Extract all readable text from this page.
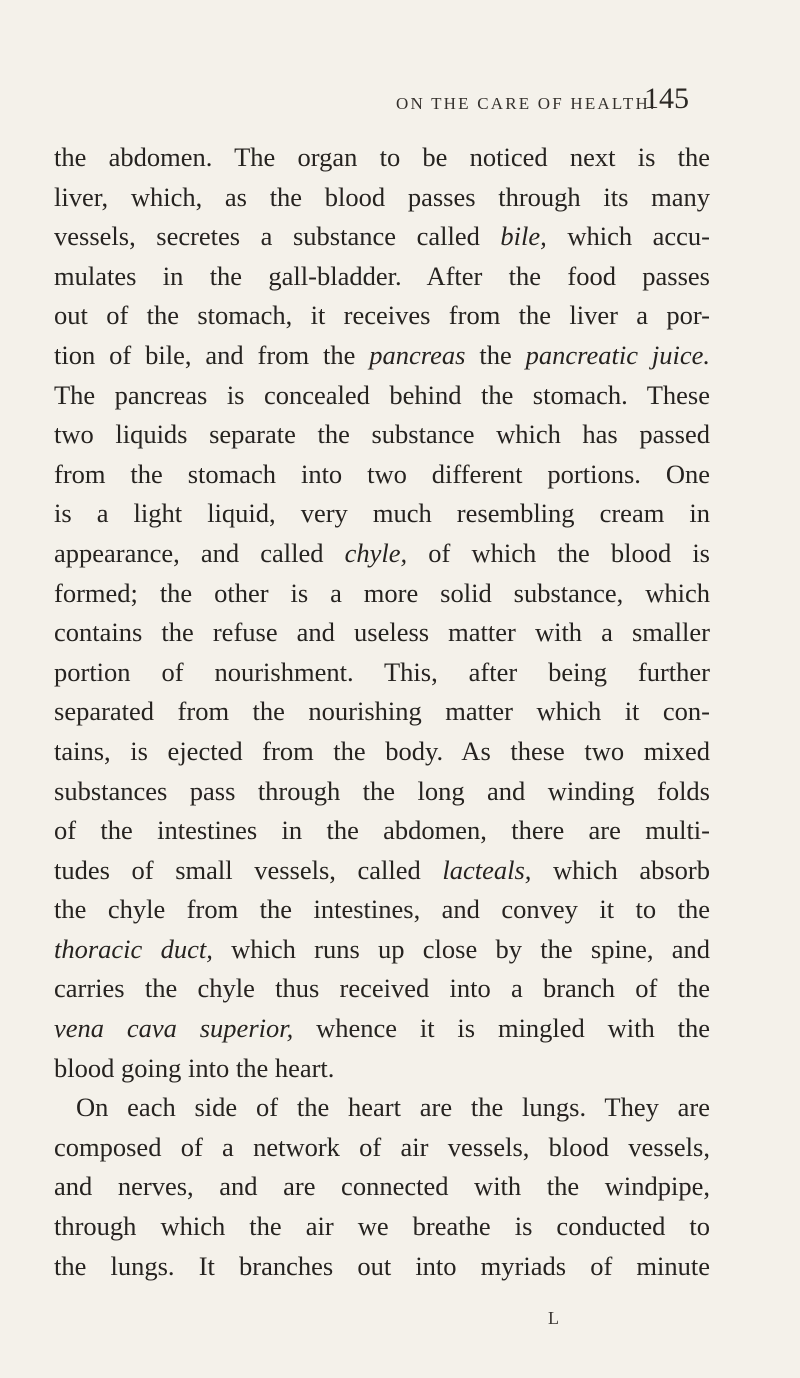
ON THE CARE OF HEALTH.
145
the abdomen. The organ to be noticed next is the
liver, which, as the blood passes through its many
vessels, secretes a substance called bile, which accu-
mulates in the gall-bladder. After the food passes
out of the stomach, it receives from the liver a por-
tion of bile, and from the pancreas the pancreatic juice.
The pancreas is concealed behind the stomach. These
two liquids separate the substance which has passed
from the stomach into two different portions. One
is a light liquid, very much resembling cream in
appearance, and called chyle, of which the blood is
formed; the other is a more solid substance, which
contains the refuse and useless matter with a smaller
portion of nourishment. This, after being further
separated from the nourishing matter which it con-
tains, is ejected from the body. As these two mixed
substances pass through the long and winding folds
of the intestines in the abdomen, there are multi-
tudes of small vessels, called lacteals, which absorb
the chyle from the intestines, and convey it to the
thoracic duct, which runs up close by the spine, and
carries the chyle thus received into a branch of the
vena cava superior, whence it is mingled with the
blood going into the heart.
On each side of the heart are the lungs. They are
composed of a network of air vessels, blood vessels,
and nerves, and are connected with the windpipe,
through which the air we breathe is conducted to
the lungs. It branches out into myriads of minute
L
